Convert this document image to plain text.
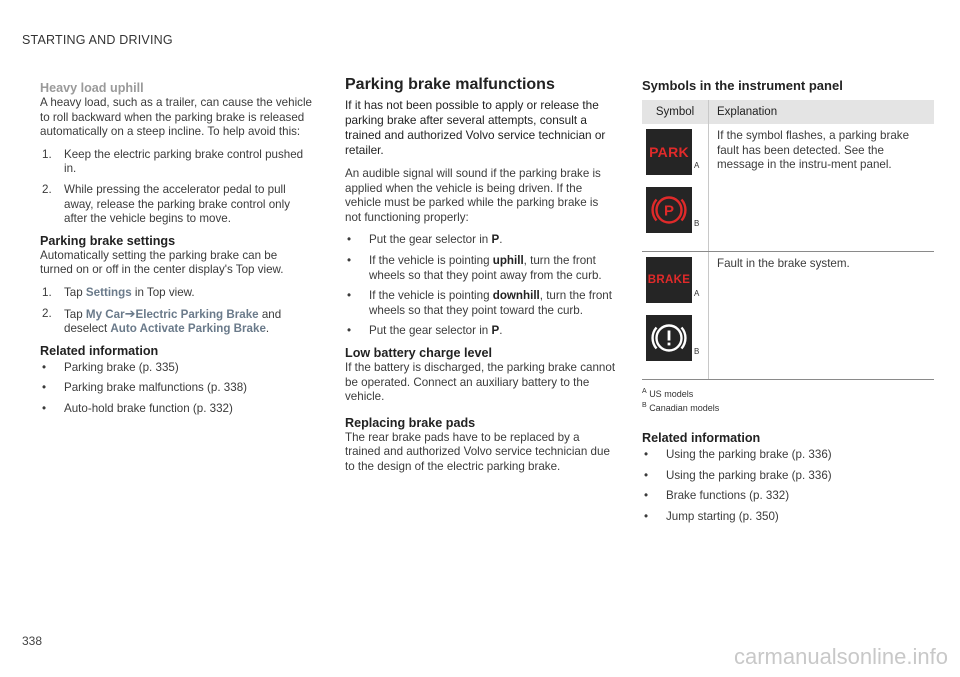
STARTING AND DRIVING
Heavy load uphill

A heavy load, such as a trailer, can cause the vehicle to roll backward when the parking brake is released automatically on a steep incline. To help avoid this:

1.	Keep the electric parking brake control pushed in.
2.	While pressing the accelerator pedal to pull away, release the parking brake control only after the vehicle begins to move.
Parking brake settings

Automatically setting the parking brake can be turned on or off in the center display's Top view.

1.	Tap Settings in Top view.
2.	Tap My Car➔Electric Parking Brake and deselect Auto Activate Parking Brake.
Related information
•	Parking brake (p. 335)
•	Parking brake malfunctions (p. 338)
•	Auto-hold brake function (p. 332)
Parking brake malfunctions

If it has not been possible to apply or release the parking brake after several attempts, consult a trained and authorized Volvo service technician or retailer.

An audible signal will sound if the parking brake is applied when the vehicle is being driven. If the vehicle must be parked while the parking brake is not functioning properly:

•	Put the gear selector in P.
•	If the vehicle is pointing uphill, turn the front wheels so that they point away from the curb.
•	If the vehicle is pointing downhill, turn the front wheels so that they point toward the curb.
•	Put the gear selector in P.
Low battery charge level

If the battery is discharged, the parking brake cannot be operated. Connect an auxiliary battery to the vehicle.

Replacing brake pads

The rear brake pads have to be replaced by a trained and authorized Volvo service technician due to the design of the electric parking brake.

Symbols in the instrument panel
Symbol	Explanation

PARK
A
P
B	If the symbol flashes, a parking brake fault has been detected. See the message in the instru-ment panel.

BRAKE
A
B	Fault in the brake system.
$^A$ US models
$^B$ Canadian models
Related information
•	Using the parking brake (p. 336)
•	Using the parking brake (p. 336)
•	Brake functions (p. 332)
•	Jump starting (p. 350)
338
carmanualsonline.info
